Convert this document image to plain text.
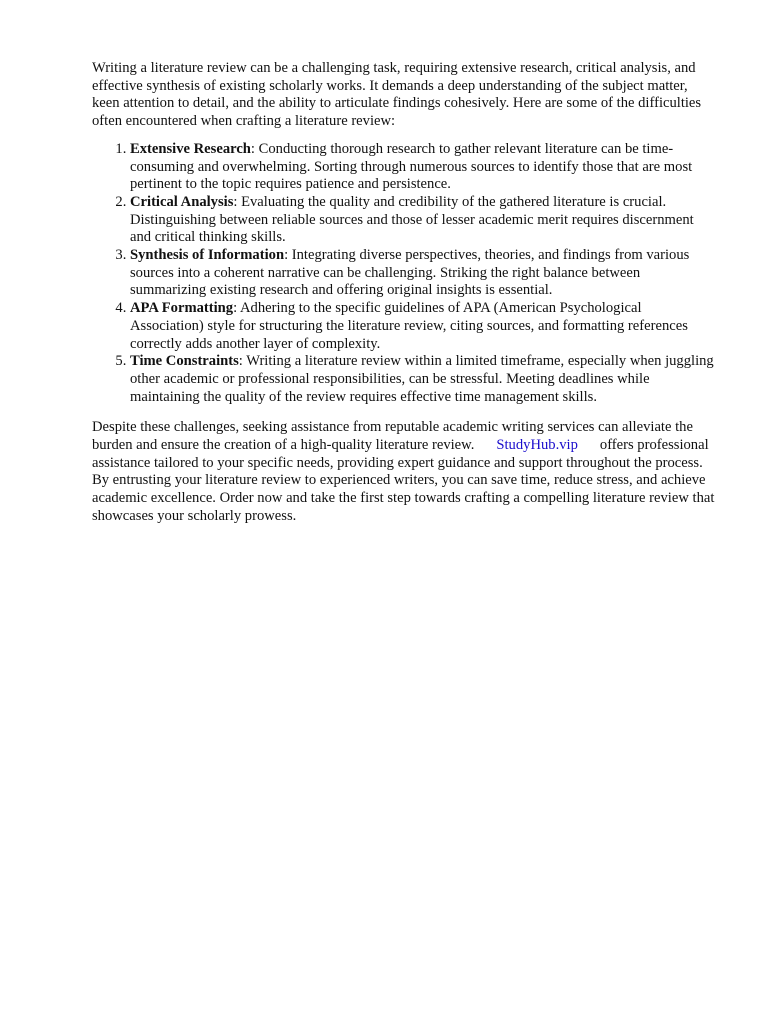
Writing a literature review can be a challenging task, requiring extensive research, critical analysis, and effective synthesis of existing scholarly works. It demands a deep understanding of the subject matter, keen attention to detail, and the ability to articulate findings cohesively. Here are some of the difficulties often encountered when crafting a literature review:

1. Extensive Research: Conducting thorough research to gather relevant literature can be time-consuming and overwhelming. Sorting through numerous sources to identify those that are most pertinent to the topic requires patience and persistence.
2. Critical Analysis: Evaluating the quality and credibility of the gathered literature is crucial. Distinguishing between reliable sources and those of lesser academic merit requires discernment and critical thinking skills.
3. Synthesis of Information: Integrating diverse perspectives, theories, and findings from various sources into a coherent narrative can be challenging. Striking the right balance between summarizing existing research and offering original insights is essential.
4. APA Formatting: Adhering to the specific guidelines of APA (American Psychological Association) style for structuring the literature review, citing sources, and formatting references correctly adds another layer of complexity.
5. Time Constraints: Writing a literature review within a limited timeframe, especially when juggling other academic or professional responsibilities, can be stressful. Meeting deadlines while maintaining the quality of the review requires effective time management skills.

Despite these challenges, seeking assistance from reputable academic writing services can alleviate the burden and ensure the creation of a high-quality literature review. StudyHub.vip offers professional assistance tailored to your specific needs, providing expert guidance and support throughout the process. By entrusting your literature review to experienced writers, you can save time, reduce stress, and achieve academic excellence. Order now and take the first step towards crafting a compelling literature review that showcases your scholarly prowess.
